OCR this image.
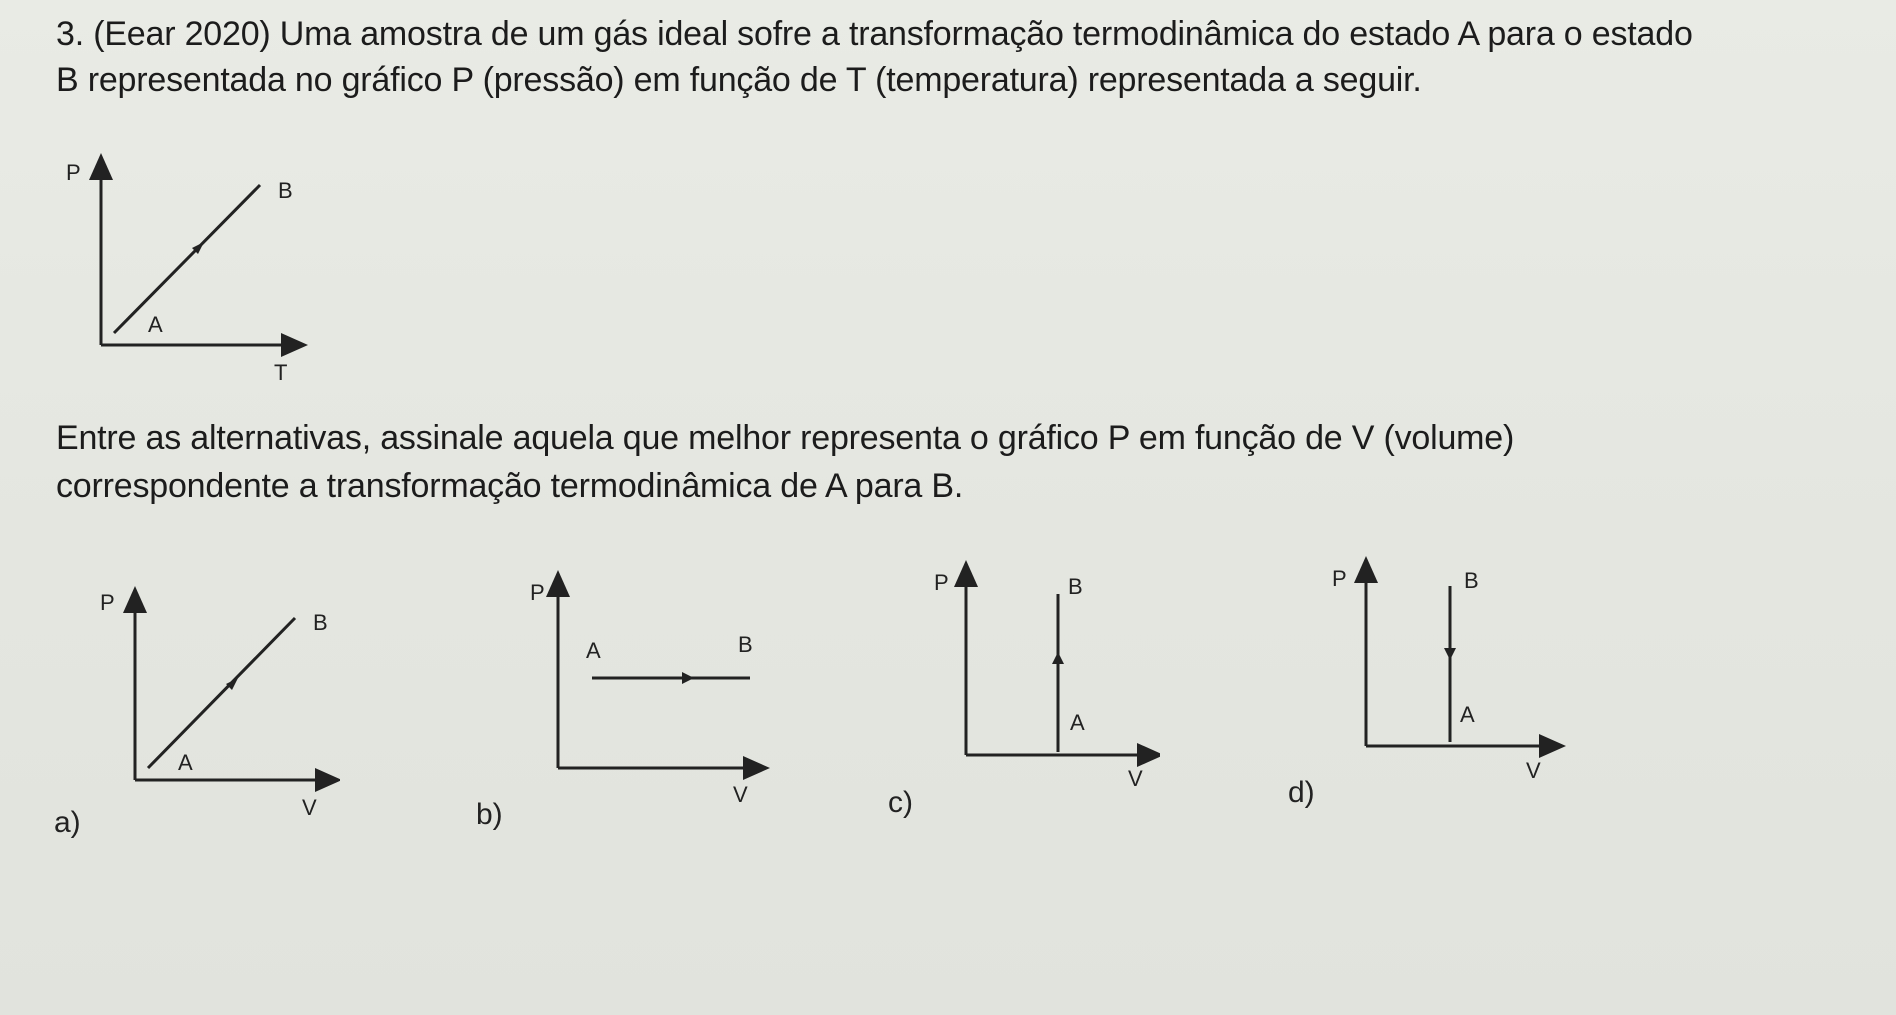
3. (Eear 2020) Uma amostra de um gás ideal sofre a transformação termodinâmica do estado A para o estado
B representada no gráfico P (pressão) em função de T (temperatura) representada a seguir.
P
T
A
B
Entre as alternativas, assinale aquela que melhor representa o gráfico P em função de V (volume)
correspondente a transformação termodinâmica de A para B.
P
V
A
B
a)
P
V
A	B
b)
P
V
A
B
c)
P
V
A
B
d)
